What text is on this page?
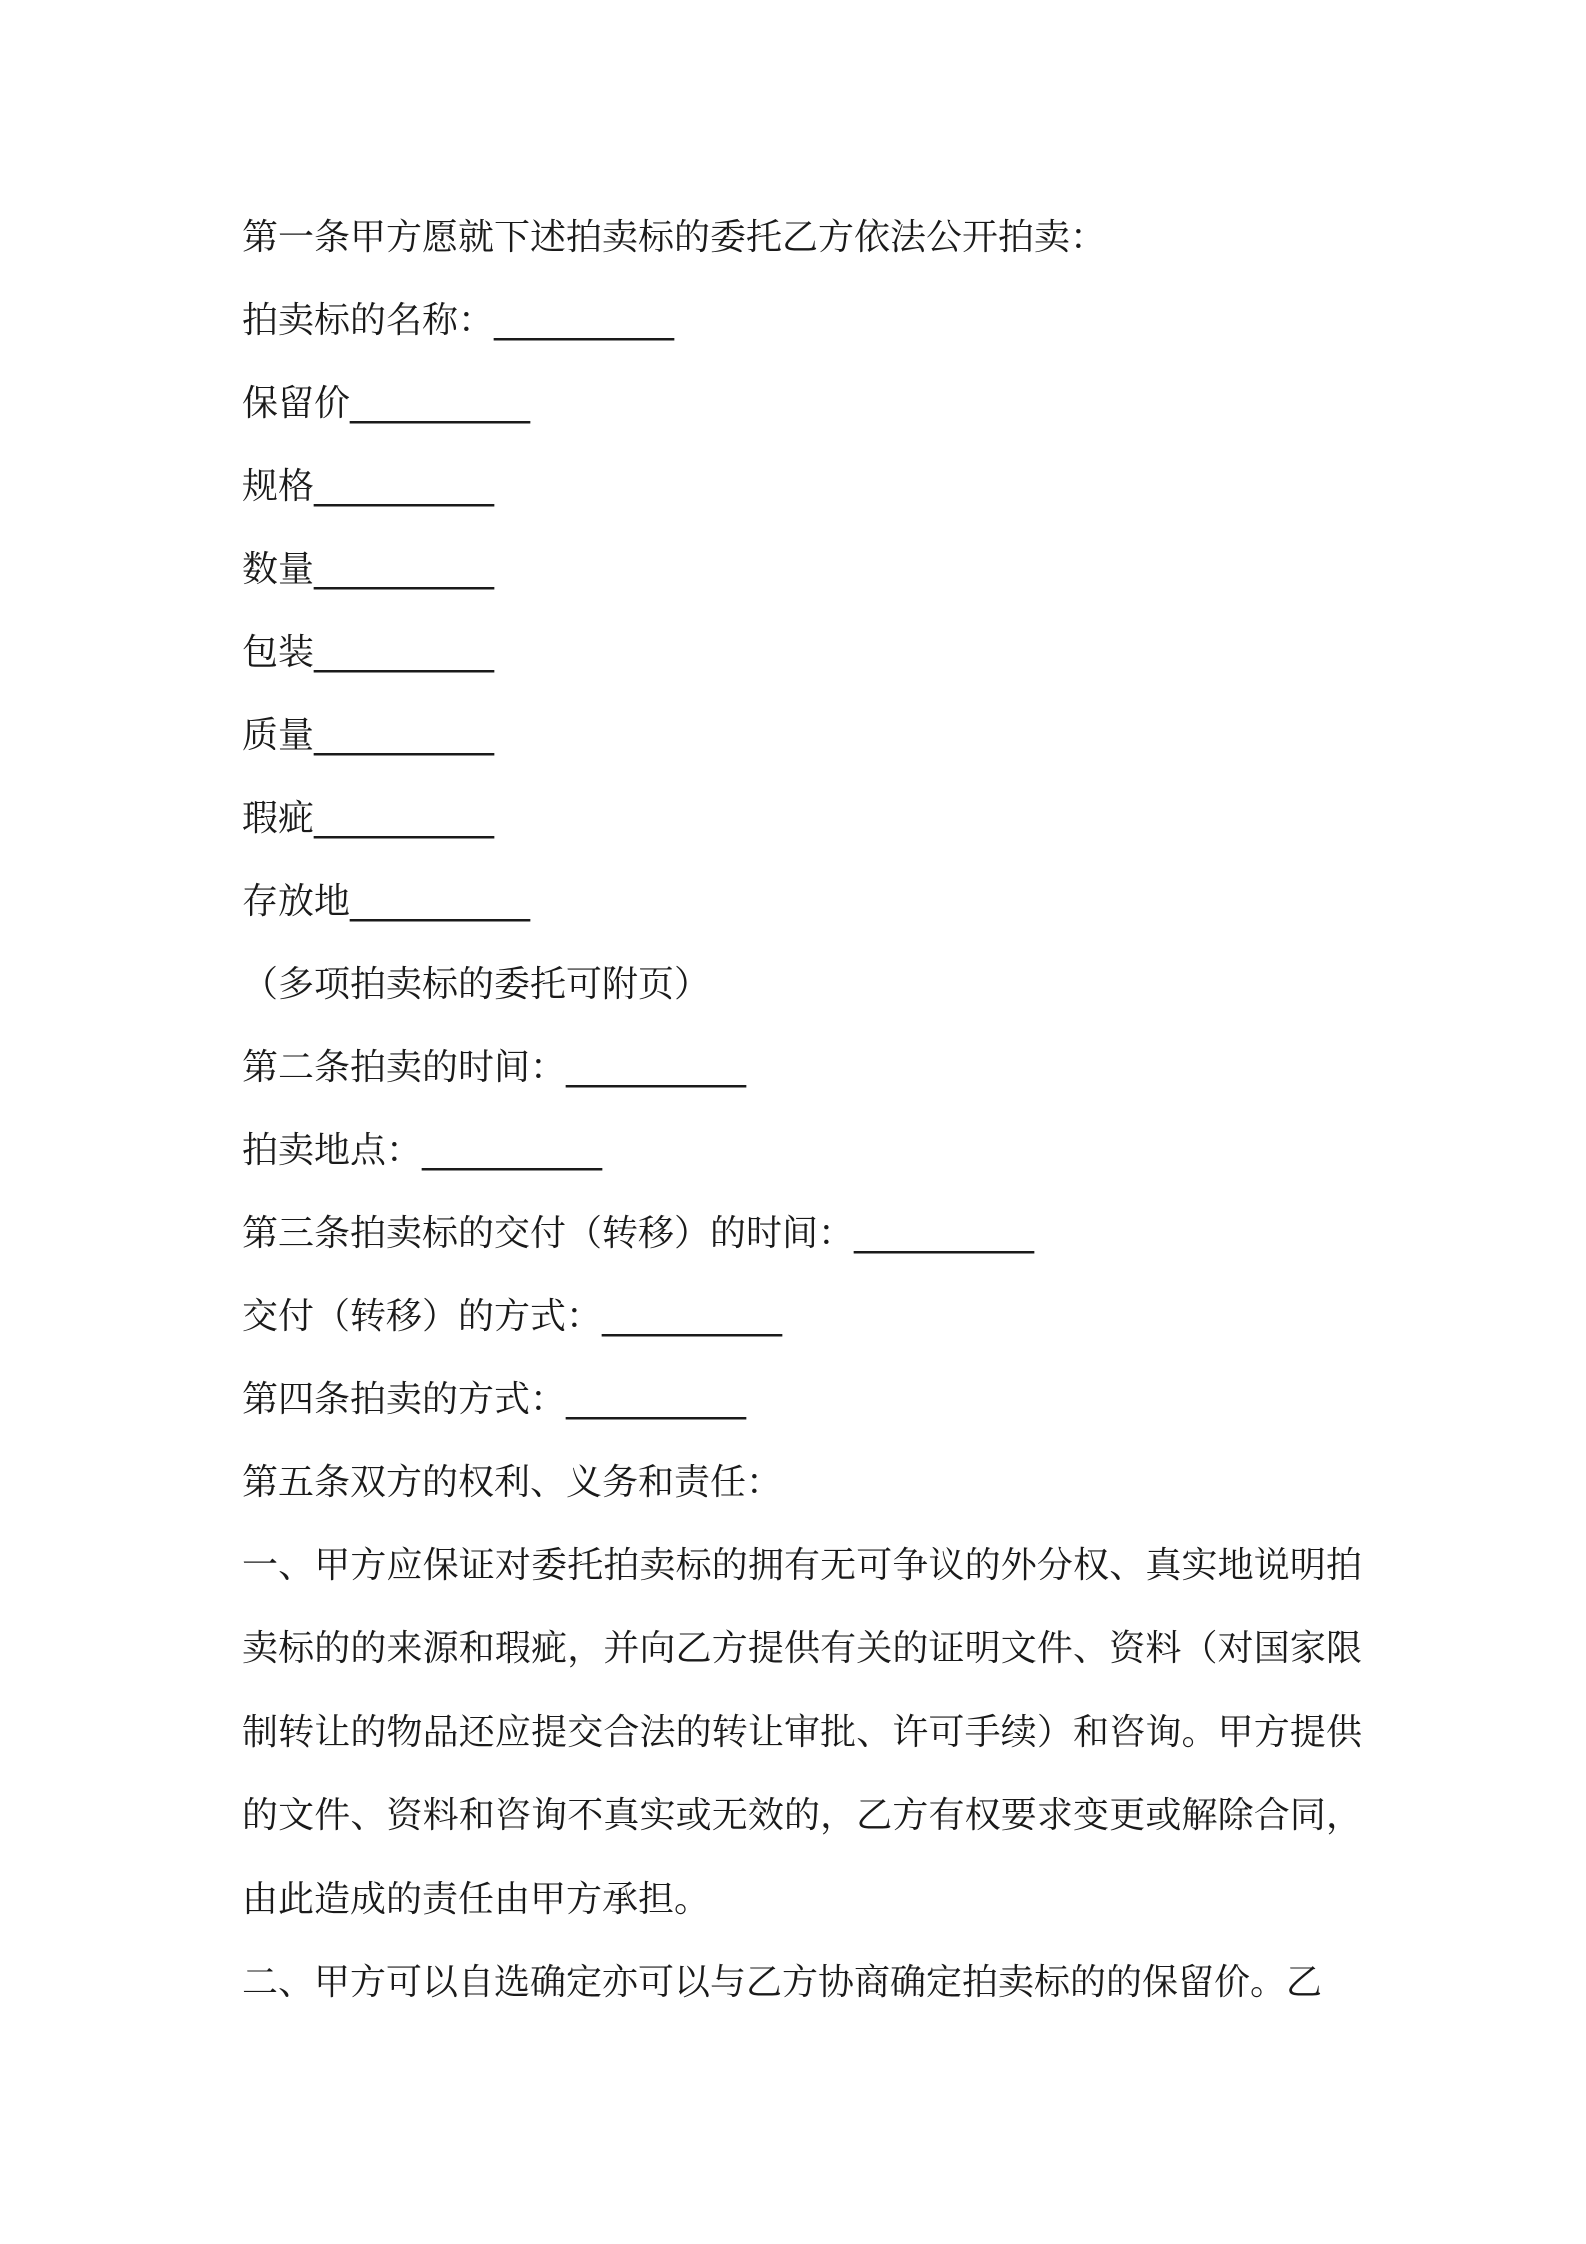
第一条甲方愿就下述拍卖标的委托乙方依法公开拍卖：

拍卖标的名称：__________

保留价__________

规格__________

数量__________

包装__________

质量__________

瑕疵__________

存放地__________

（多项拍卖标的委托可附页）

第二条拍卖的时间：__________

拍卖地点：__________

第三条拍卖标的交付（转移）的时间：__________

交付（转移）的方式：__________

第四条拍卖的方式：__________

第五条双方的权利、义务和责任：

一、甲方应保证对委托拍卖标的拥有无可争议的外分权、真实地说明拍卖标的的来源和瑕疵，并向乙方提供有关的证明文件、资料（对国家限制转让的物品还应提交合法的转让审批、许可手续）和咨询。甲方提供的文件、资料和咨询不真实或无效的，乙方有权要求变更或解除合同，由此造成的责任由甲方承担。

二、甲方可以自选确定亦可以与乙方协商确定拍卖标的的保留价。乙
